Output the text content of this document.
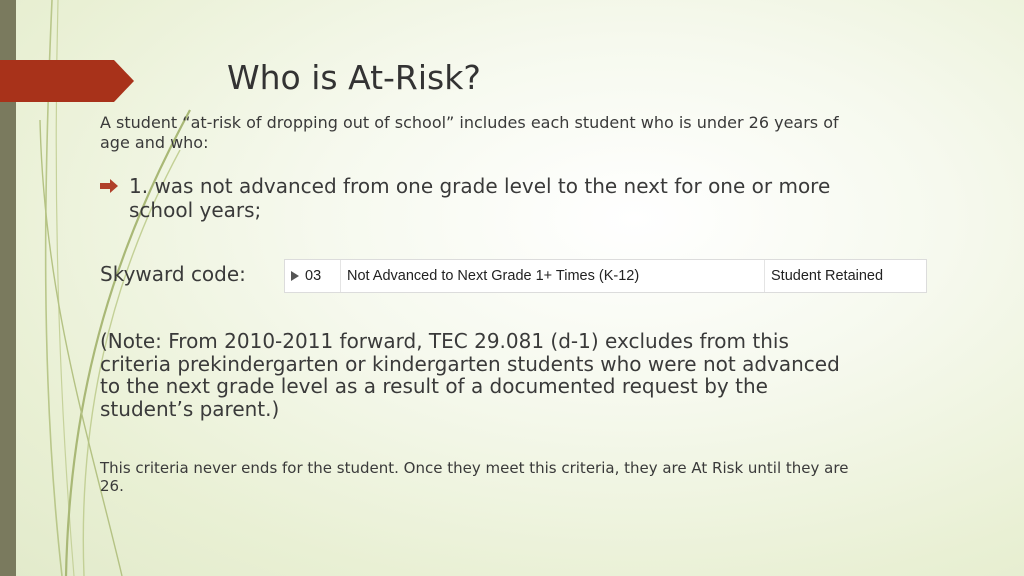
Who is At-Risk?
A student “at-risk of dropping out of school” includes each student who is under 26 years of age and who:
1. was not advanced from one grade level to the next for one or more school years;
Skyward code:	03	Not Advanced to Next Grade 1+ Times (K-12)	Student Retained
(Note: From 2010-2011 forward, TEC 29.081 (d-1) excludes from this criteria prekindergarten or kindergarten students who were not advanced to the next grade level as a result of a documented request by the student’s parent.)
This criteria never ends for the student. Once they meet this criteria, they are At Risk until they are 26.
